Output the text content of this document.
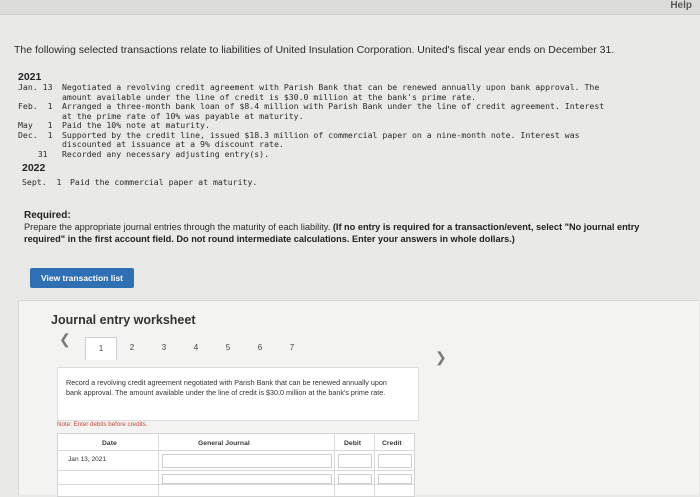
Help
The following selected transactions relate to liabilities of United Insulation Corporation. United's fiscal year ends on December 31.
2021
Jan. 13 Negotiated a revolving credit agreement with Parish Bank that can be renewed annually upon bank approval. The
amount available under the line of credit is $30.0 million at the bank's prime rate.
Feb.  1 Arranged a three-month bank loan of $8.4 million with Parish Bank under the line of credit agreement. Interest
at the prime rate of 10% was payable at maturity.
May   1 Paid the 10% note at maturity.
Dec.  1 Supported by the credit line, issued $18.3 million of commercial paper on a nine-month note. Interest was
discounted at issuance at a 9% discount rate.
31 Recorded any necessary adjusting entry(s).
2022
Sept.  1 Paid the commercial paper at maturity.
Required:
Prepare the appropriate journal entries through the maturity of each liability. (If no entry is required for a transaction/event, select "No journal entry required" in the first account field. Do not round intermediate calculations. Enter your answers in whole dollars.)
View transaction list
Journal entry worksheet
❮
1	2	3	4	5	6	7
❯
Record a revolving credit agreement negotiated with Parish Bank that can be renewed annually upon bank approval. The amount available under the line of credit is $30.0 million at the bank's prime rate.
Note: Enter debits before credits.
Date	General Journal	Debit	Credit
Jan 13, 2021
